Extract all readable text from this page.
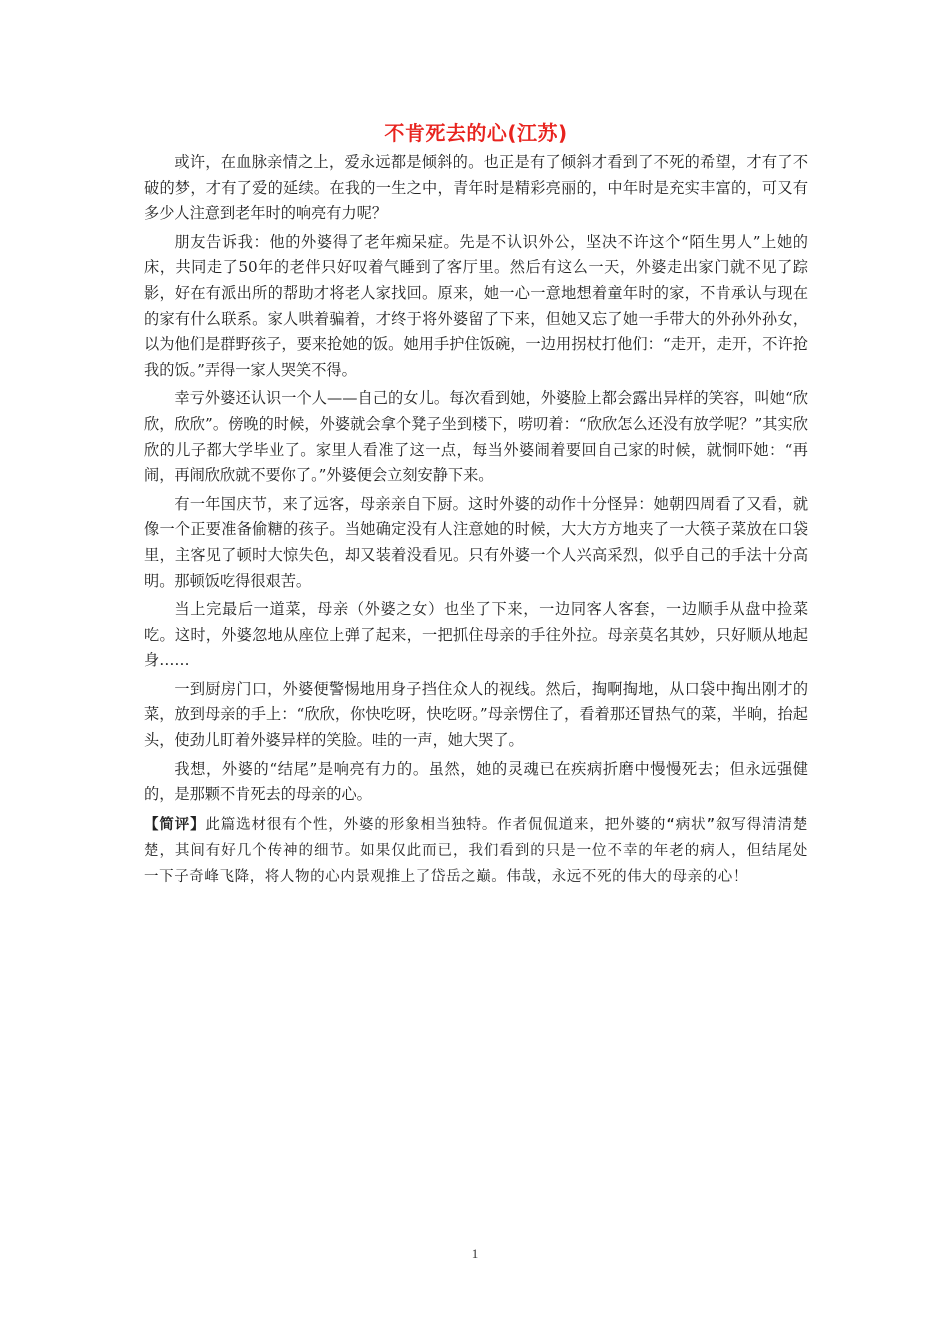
不肯死去的心(江苏)

或许，在血脉亲情之上，爱永远都是倾斜的。也正是有了倾斜才看到了不死的希望，才有了不破的梦，才有了爱的延续。在我的一生之中，青年时是精彩亮丽的，中年时是充实丰富的，可又有多少人注意到老年时的响亮有力呢？

朋友告诉我：他的外婆得了老年痴呆症。先是不认识外公，坚决不许这个“陌生男人”上她的床，共同走了50年的老伴只好叹着气睡到了客厅里。然后有这么一天，外婆走出家门就不见了踪影，好在有派出所的帮助才将老人家找回。原来，她一心一意地想着童年时的家，不肯承认与现在的家有什么联系。家人哄着骗着，才终于将外婆留了下来，但她又忘了她一手带大的外孙外孙女，以为他们是群野孩子，要来抢她的饭。她用手护住饭碗，一边用拐杖打他们：“走开，走开，不许抢我的饭。”弄得一家人哭笑不得。

幸亏外婆还认识一个人——自己的女儿。每次看到她，外婆脸上都会露出异样的笑容，叫她“欣欣，欣欣”。傍晚的时候，外婆就会拿个凳子坐到楼下，唠叨着：“欣欣怎么还没有放学呢？”其实欣欣的儿子都大学毕业了。家里人看准了这一点，每当外婆闹着要回自己家的时候，就恫吓她：“再闹，再闹欣欣就不要你了。”外婆便会立刻安静下来。

有一年国庆节，来了远客，母亲亲自下厨。这时外婆的动作十分怪异：她朝四周看了又看，就像一个正要准备偷糖的孩子。当她确定没有人注意她的时候，大大方方地夹了一大筷子菜放在口袋里，主客见了顿时大惊失色，却又装着没看见。只有外婆一个人兴高采烈，似乎自己的手法十分高明。那顿饭吃得很艰苦。

当上完最后一道菜，母亲（外婆之女）也坐了下来，一边同客人客套，一边顺手从盘中捡菜吃。这时，外婆忽地从座位上弹了起来，一把抓住母亲的手往外拉。母亲莫名其妙，只好顺从地起身……

一到厨房门口，外婆便警惕地用身子挡住众人的视线。然后，掏啊掏地，从口袋中掏出刚才的菜，放到母亲的手上：“欣欣，你快吃呀，快吃呀。”母亲愣住了，看着那还冒热气的菜，半晌，抬起头，使劲儿盯着外婆异样的笑脸。哇的一声，她大哭了。

我想，外婆的“结尾”是响亮有力的。虽然，她的灵魂已在疾病折磨中慢慢死去；但永远强健的，是那颗不肯死去的母亲的心。

【简评】此篇选材很有个性，外婆的形象相当独特。作者侃侃道来，把外婆的“病状”叙写得清清楚楚，其间有好几个传神的细节。如果仅此而已，我们看到的只是一位不幸的年老的病人，但结尾处一下子奇峰飞降，将人物的心内景观推上了岱岳之巅。伟哉，永远不死的伟大的母亲的心！

1
